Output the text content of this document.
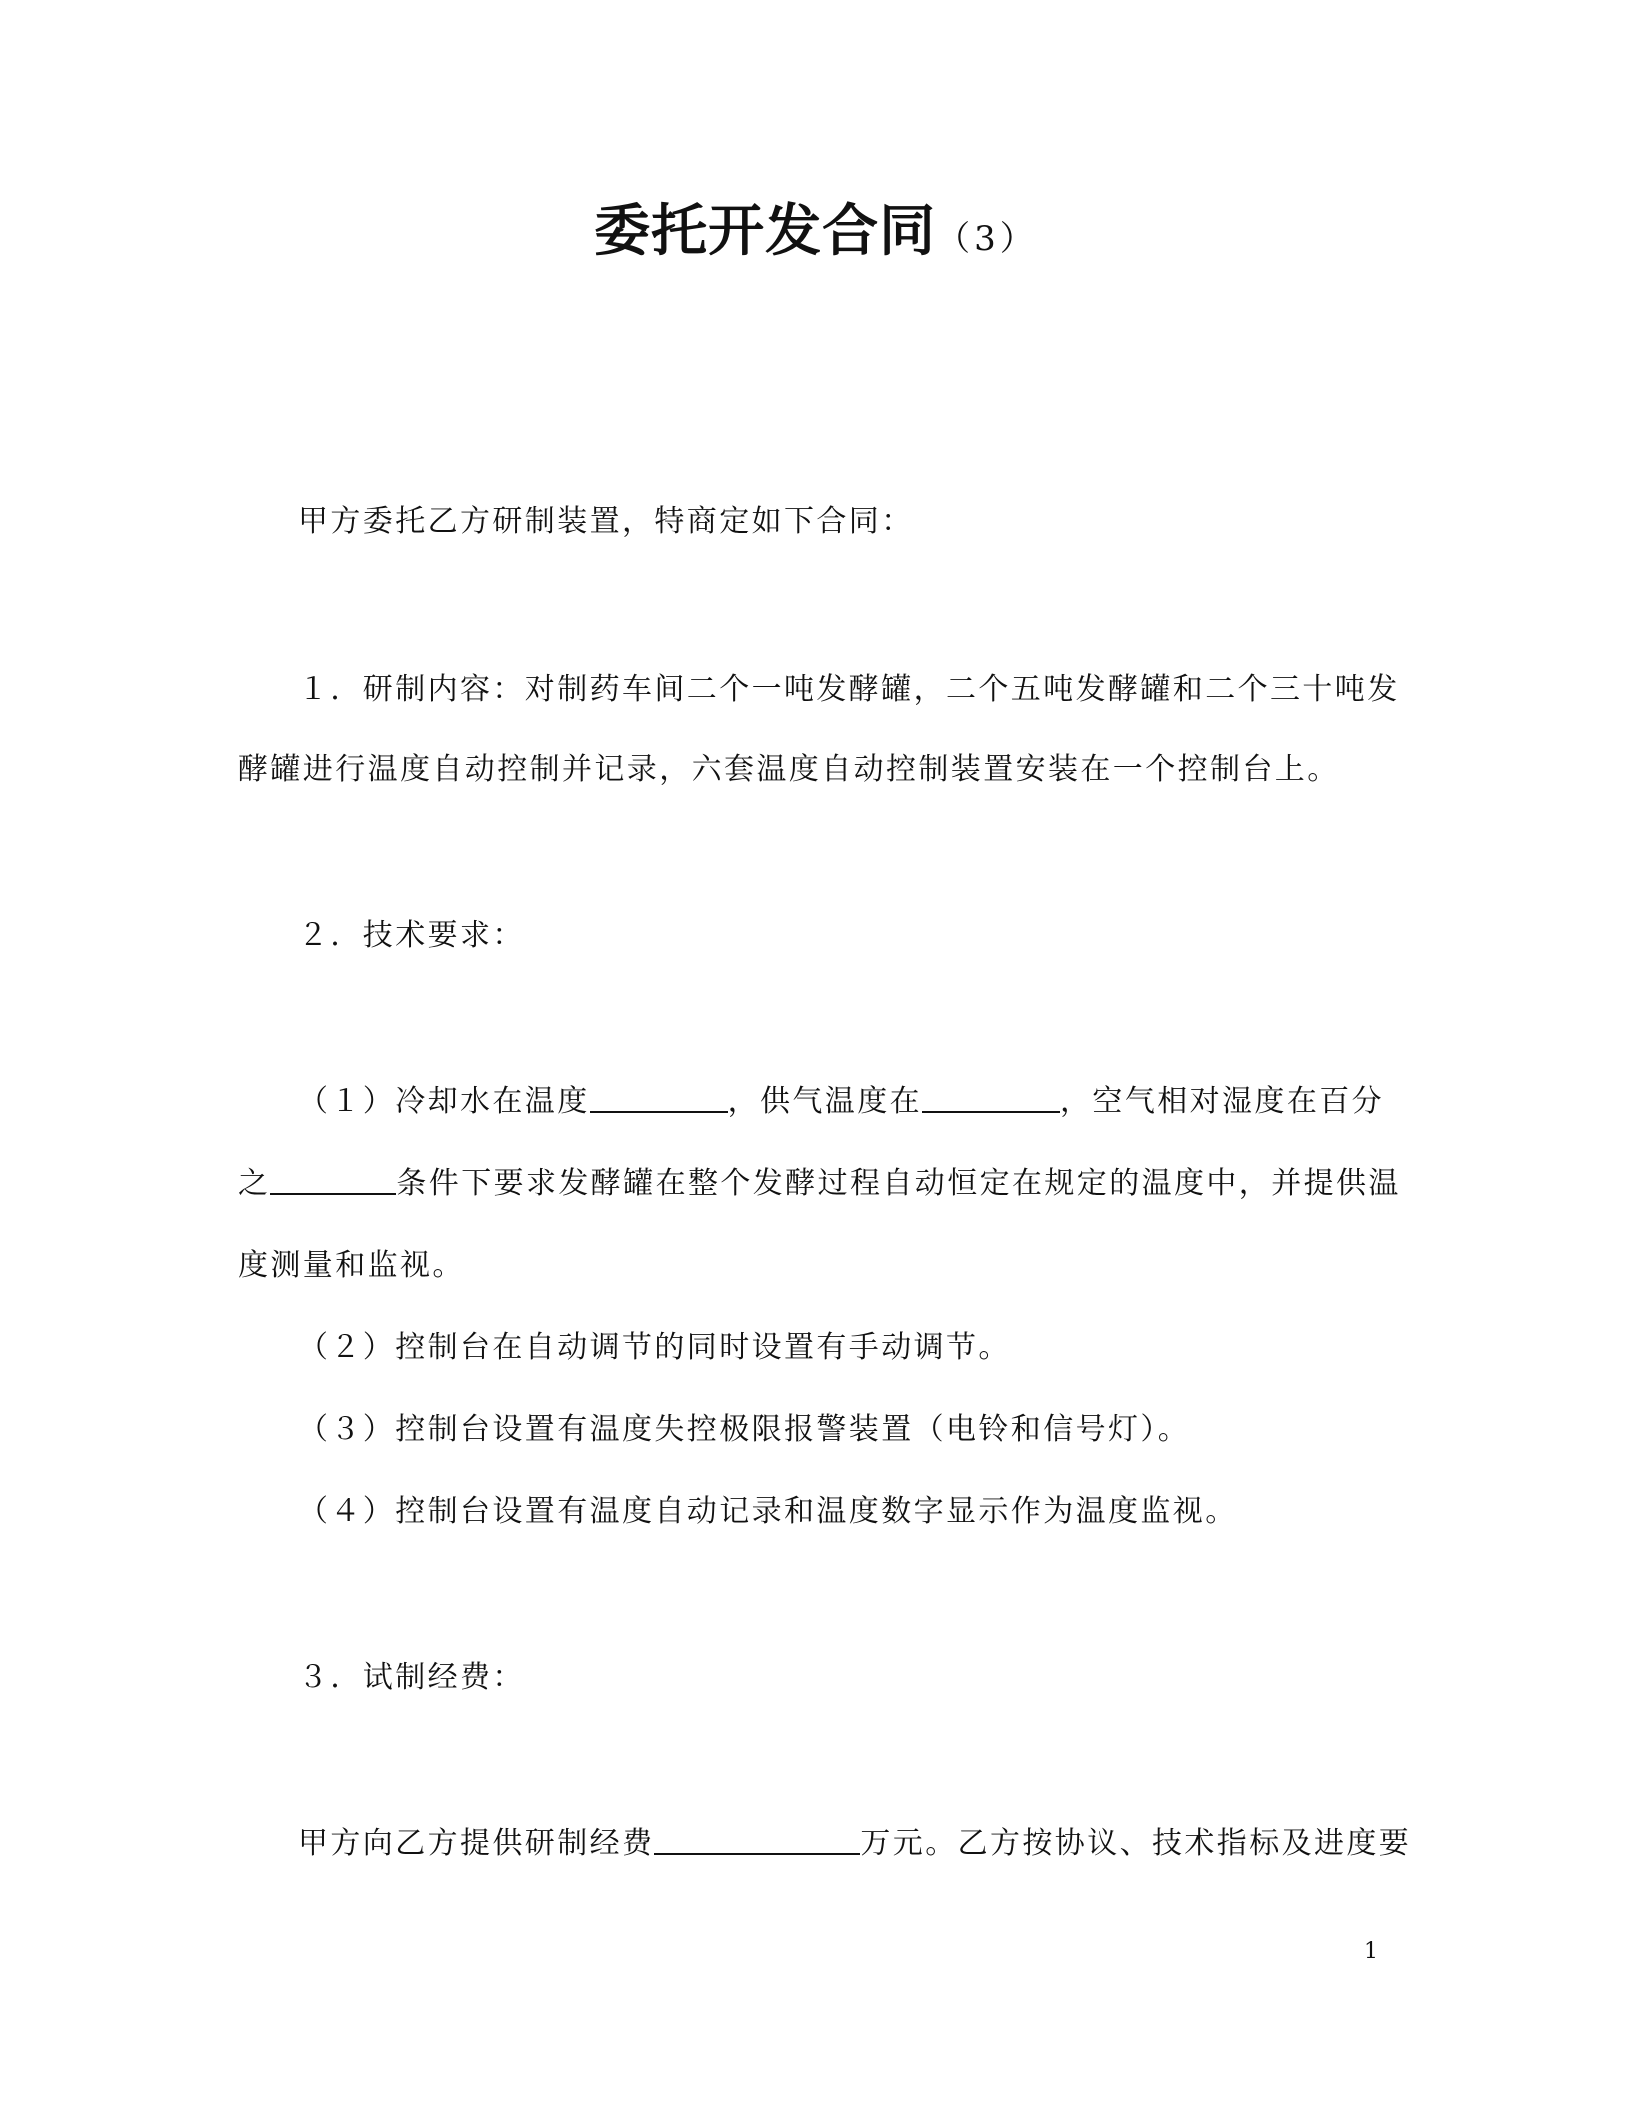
委托开发合同（3）
甲方委托乙方研制装置，特商定如下合同：
１．研制内容：对制药车间二个一吨发酵罐，二个五吨发酵罐和二个三十吨发
酵罐进行温度自动控制并记录，六套温度自动控制装置安装在一个控制台上。
２．技术要求：
（１）冷却水在温度	，供气温度在	，空气相对湿度在百分
之	条件下要求发酵罐在整个发酵过程自动恒定在规定的温度中，并提供温
度测量和监视。
（２）控制台在自动调节的同时设置有手动调节。
（３）控制台设置有温度失控极限报警装置（电铃和信号灯）。
（４）控制台设置有温度自动记录和温度数字显示作为温度监视。
３．试制经费：
甲方向乙方提供研制经费	万元。乙方按协议、技术指标及进度要
1
